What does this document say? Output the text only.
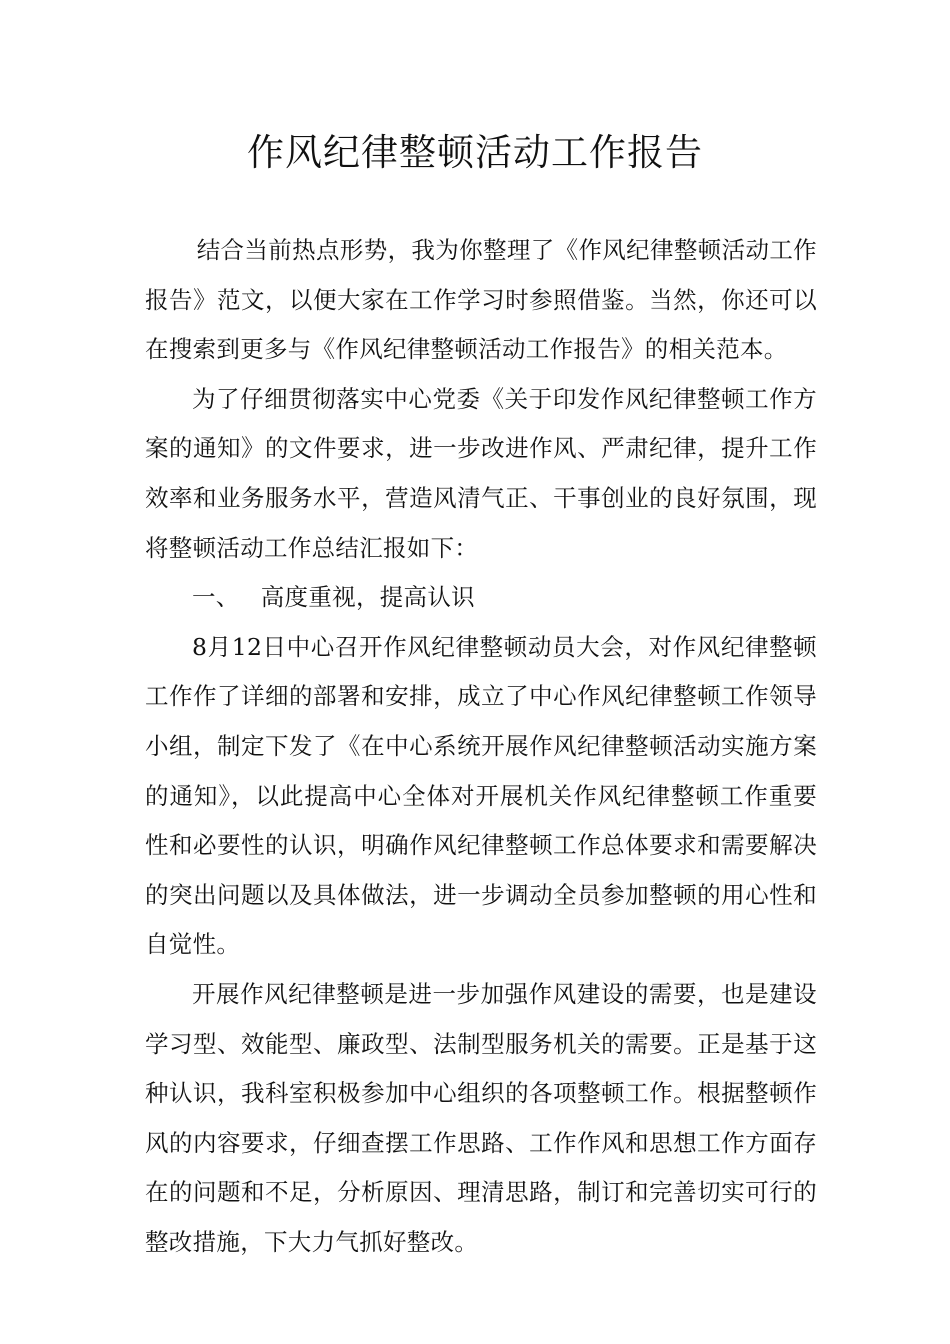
作风纪律整顿活动工作报告

结合当前热点形势，我为你整理了《作风纪律整顿活动工作报告》范文，以便大家在工作学习时参照借鉴。当然，你还可以在搜索到更多与《作风纪律整顿活动工作报告》的相关范本。

为了仔细贯彻落实中心党委《关于印发作风纪律整顿工作方案的通知》的文件要求，进一步改进作风、严肃纪律，提升工作效率和业务服务水平，营造风清气正、干事创业的良好氛围，现将整顿活动工作总结汇报如下：

一、 高度重视，提高认识

8月12日中心召开作风纪律整顿动员大会，对作风纪律整顿工作作了详细的部署和安排，成立了中心作风纪律整顿工作领导小组，制定下发了《在中心系统开展作风纪律整顿活动实施方案的通知》，以此提高中心全体对开展机关作风纪律整顿工作重要性和必要性的认识，明确作风纪律整顿工作总体要求和需要解决的突出问题以及具体做法，进一步调动全员参加整顿的用心性和自觉性。

开展作风纪律整顿是进一步加强作风建设的需要，也是建设学习型、效能型、廉政型、法制型服务机关的需要。正是基于这种认识，我科室积极参加中心组织的各项整顿工作。根据整顿作风的内容要求，仔细查摆工作思路、工作作风和思想工作方面存在的问题和不足，分析原因、理清思路，制订和完善切实可行的整改措施，下大力气抓好整改。
